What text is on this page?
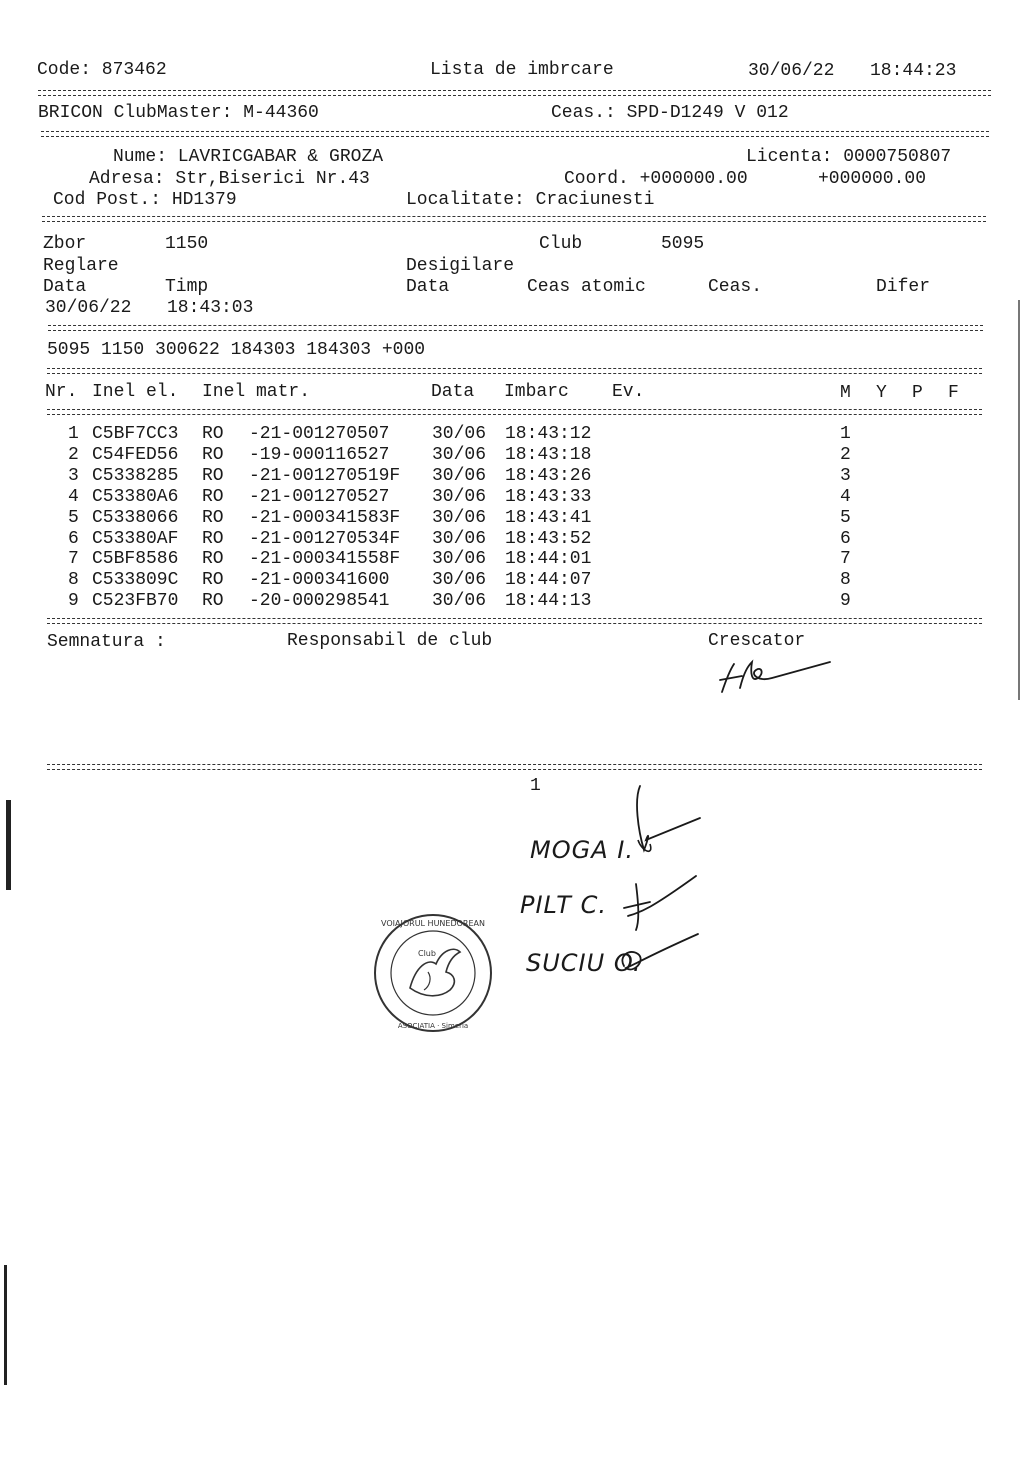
Code: 873462	Lista de imbrcare	30/06/22 18:44:23
BRICON ClubMaster: M-44360	Ceas.: SPD-D1249 V 012
Nume: LAVRICGABAR & GROZA	Licenta: 0000750807
Adresa: Str,Biserici Nr.43	Coord. +000000.00	+000000.00
Cod Post.: HD1379	Localitate: Craciunesti
Zbor	1150	Club	5095
Reglare	Desigilare
Data	Timp	Data	Ceas atomic	Ceas.	Difer
30/06/22 18:43:03
5095 1150 300622 184303 184303 +000
Nr. Inel el. Inel matr.	Data Imbarc Ev.	M Y P F
1 C5BF7CC3 RO -21-001270507 30/06 18:43:12	1
2 C54FED56 RO -19-000116527 30/06 18:43:18	2
3 C5338285 RO -21-001270519F 30/06 18:43:26	3
4 C53380A6 RO -21-001270527 30/06 18:43:33	4
5 C5338066 RO -21-000341583F 30/06 18:43:41	5
6 C53380AF RO -21-001270534F 30/06 18:43:52	6
7 C5BF8586 RO -21-000341558F 30/06 18:44:01	7
8 C533809C RO -21-000341600 30/06 18:44:07	8
9 C523FB70 RO -20-000298541 30/06 18:44:13	9
Semnatura :	Responsabil de club	Crescator
1
MOGA I.
PILT C.
SUCIU O.
VOIAJORUL HUNEDOREAN
Club
ASOCIATIA · Simeria
